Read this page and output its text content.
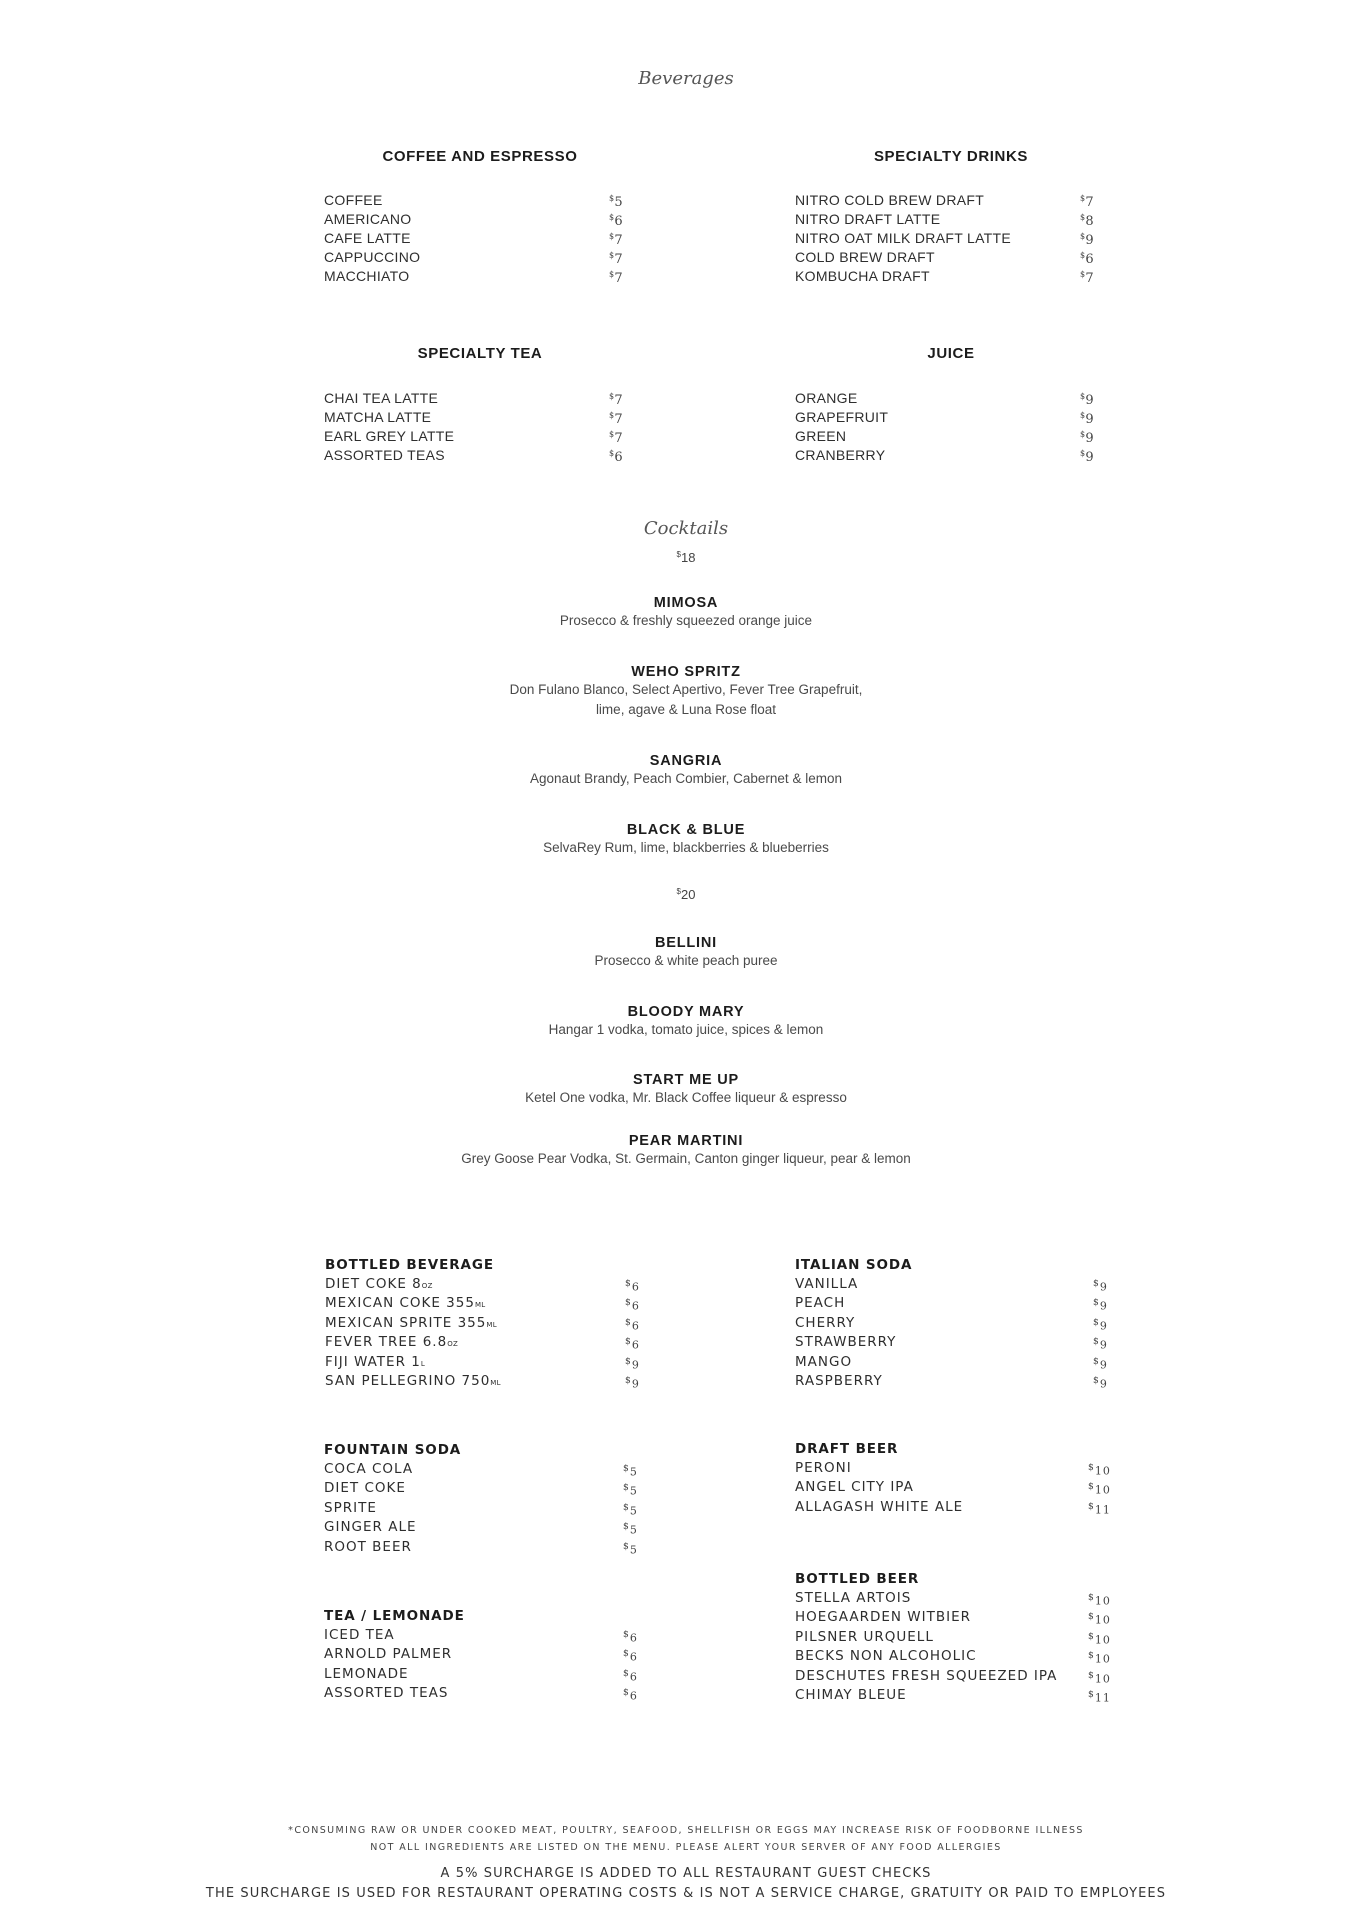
Beverages
COFFEE AND ESPRESSO
COFFEE	$5
AMERICANO	$6
CAFE LATTE	$7
CAPPUCCINO	$7
MACCHIATO	$7
SPECIALTY DRINKS
NITRO COLD BREW DRAFT	$7
NITRO DRAFT LATTE	$8
NITRO OAT MILK DRAFT LATTE	$9
COLD BREW DRAFT	$6
KOMBUCHA DRAFT	$7
SPECIALTY TEA
CHAI TEA LATTE	$7
MATCHA LATTE	$7
EARL GREY LATTE	$7
ASSORTED TEAS	$6
JUICE
ORANGE	$9
GRAPEFRUIT	$9
GREEN	$9
CRANBERRY	$9
Cocktails
$18
MIMOSA
Prosecco & freshly squeezed orange juice
WEHO SPRITZ
Don Fulano Blanco, Select Apertivo, Fever Tree Grapefruit,
lime, agave & Luna Rose float
SANGRIA
Agonaut Brandy, Peach Combier, Cabernet & lemon
BLACK & BLUE
SelvaRey Rum, lime, blackberries & blueberries
$20
BELLINI
Prosecco & white peach puree
BLOODY MARY
Hangar 1 vodka, tomato juice, spices & lemon
START ME UP
Ketel One vodka, Mr. Black Coffee liqueur & espresso
PEAR MARTINI
Grey Goose Pear Vodka, St. Germain, Canton ginger liqueur, pear & lemon
BOTTLED BEVERAGE
DIET COKE 8OZ	$6
MEXICAN COKE 355ML	$6
MEXICAN SPRITE 355ML	$6
FEVER TREE 6.8OZ	$6
FIJI WATER 1L	$9
SAN PELLEGRINO 750ML	$9
ITALIAN SODA
VANILLA	$9
PEACH	$9
CHERRY	$9
STRAWBERRY	$9
MANGO	$9
RASPBERRY	$9
FOUNTAIN SODA
COCA COLA	$5
DIET COKE	$5
SPRITE	$5
GINGER ALE	$5
ROOT BEER	$5
DRAFT BEER
PERONI	$10
ANGEL CITY IPA	$10
ALLAGASH WHITE ALE	$11
TEA / LEMONADE
ICED TEA	$6
ARNOLD PALMER	$6
LEMONADE	$6
ASSORTED TEAS	$6
BOTTLED BEER
STELLA ARTOIS	$10
HOEGAARDEN WITBIER	$10
PILSNER URQUELL	$10
BECKS NON ALCOHOLIC	$10
DESCHUTES FRESH SQUEEZED IPA	$10
CHIMAY BLEUE	$11
*CONSUMING RAW OR UNDER COOKED MEAT, POULTRY, SEAFOOD, SHELLFISH OR EGGS MAY INCREASE RISK OF FOODBORNE ILLNESS
NOT ALL INGREDIENTS ARE LISTED ON THE MENU. PLEASE ALERT YOUR SERVER OF ANY FOOD ALLERGIES
A 5% SURCHARGE IS ADDED TO ALL RESTAURANT GUEST CHECKS
THE SURCHARGE IS USED FOR RESTAURANT OPERATING COSTS & IS NOT A SERVICE CHARGE, GRATUITY OR PAID TO EMPLOYEES
